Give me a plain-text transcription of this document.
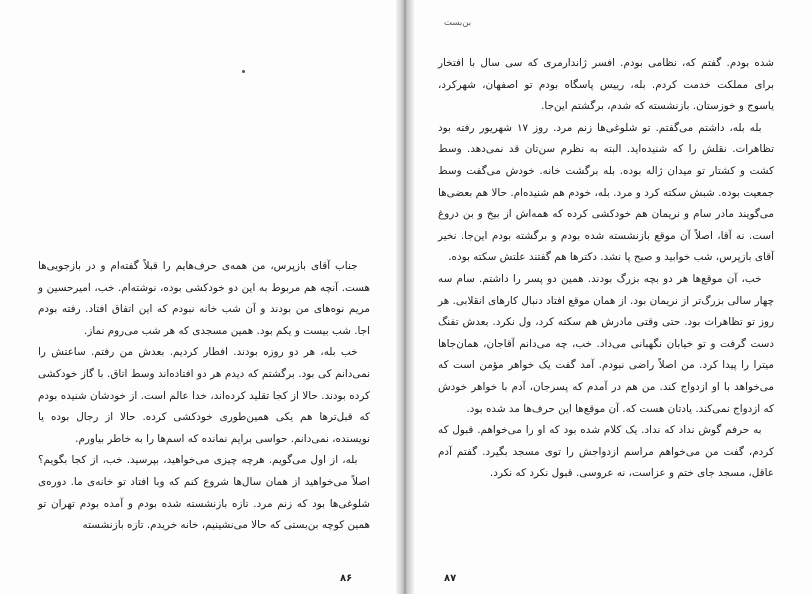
جناب آقای بازپرس، من همه‌ی حرف‌هایم را قبلاً گفته‌ام و در بازجویی‌ها هست. آنچه هم مربوط به این دو خودکشی بوده، نوشته‌ام. خب، امیرحسین و مریم نوه‌های من بودند و آن شب خانه نبودم که این اتفاق افتاد. رفته بودم اجا. شب بیست و یکم بود. همین مسجدی که هر شب می‌روم نماز.

خب بله، هر دو روزه بودند. افطار کردیم. بعدش من رفتم. ساعتش را نمی‌دانم کی بود. برگشتم که دیدم هر دو افتاده‌اند وسط اتاق. با گاز خودکشی کرده بودند. حالا از کجا تقلید کرده‌اند، خدا عالم است. از خودشان شنیده بودم که قبل‌ترها هم یکی همین‌طوری خودکشی کرده. حالا از رجال بوده یا نویسنده، نمی‌دانم. حواسی برایم نمانده که اسم‌ها را به خاطر بیاورم.

بله، از اول می‌گویم. هرچه چیزی می‌خواهید، بپرسید. خب، از کجا بگویم؟ اصلاً می‌خواهید از همان سال‌ها شروع کنم که وبا افتاد تو خانه‌ی ما. دوره‌ی شلوغی‌ها بود که زنم مرد. تازه بازنشسته شده بودم و آمده بودم تهران تو همین کوچه بن‌بستی که حالا می‌نشینیم، خانه خریدم. تازه بازنشسته

۸۶
بن‌بست

شده بودم. گفتم که، نظامی بودم. افسر ژاندارمری که سی سال با افتخار برای مملکت خدمت کردم. بله، رییس پاسگاه بودم تو اصفهان، شهرکرد، یاسوج و خوزستان. بازنشسته که شدم، برگشتم این‌جا.

بله بله، داشتم می‌گفتم. تو شلوغی‌ها زنم مرد. روز ۱۷ شهریور رفته بود تظاهرات. نقلش را که شنیده‌اید. البته به نظرم سن‌تان قد نمی‌دهد. وسط کشت و کشتار تو میدان ژاله بوده. بله برگشت خانه. خودش می‌گفت وسط جمعیت بوده. شبش سکته کرد و مرد. بله، خودم هم شنیده‌ام. حالا هم بعضی‌ها می‌گویند مادر سام و نریمان هم خودکشی کرده که همه‌اش از بیخ و بن دروغ است. نه آقا، اصلاً آن موقع بازنشسته شده بودم و برگشته بودم این‌جا. نخیر آقای بازپرس، شب خوابید و صبح پا نشد. دکترها هم گفتند علتش سکته بوده.

خب، آن موقع‌ها هر دو بچه بزرگ بودند. همین دو پسر را داشتم. سام سه چهار سالی بزرگ‌تر از نریمان بود. از همان موقع افتاد دنبال کارهای انقلابی. هر روز تو تظاهرات بود. حتی وقتی مادرش هم سکته کرد، ول نکرد. بعدش تفنگ دست گرفت و تو خیابان نگهبانی می‌داد. خب، چه می‌دانم آقاجان، همان‌جاها میترا را پیدا کرد. من اصلاً راضی نبودم. آمد گفت یک خواهر مؤمن است که می‌خواهد با او ازدواج کند. من هم در آمدم که پسرجان، آدم با خواهر خودش که ازدواج نمی‌کند. یادتان هست که. آن موقع‌ها این حرف‌ها مد شده بود.

به حرفم گوش نداد که نداد. یک کلام شده بود که او را می‌خواهم. قبول که کردم، گفت من می‌خواهم مراسم ازدواجش را توی مسجد بگیرد. گفتم آدم عاقل، مسجد جای ختم و عزاست، نه عروسی. قبول نکرد که نکرد.

۸۷
